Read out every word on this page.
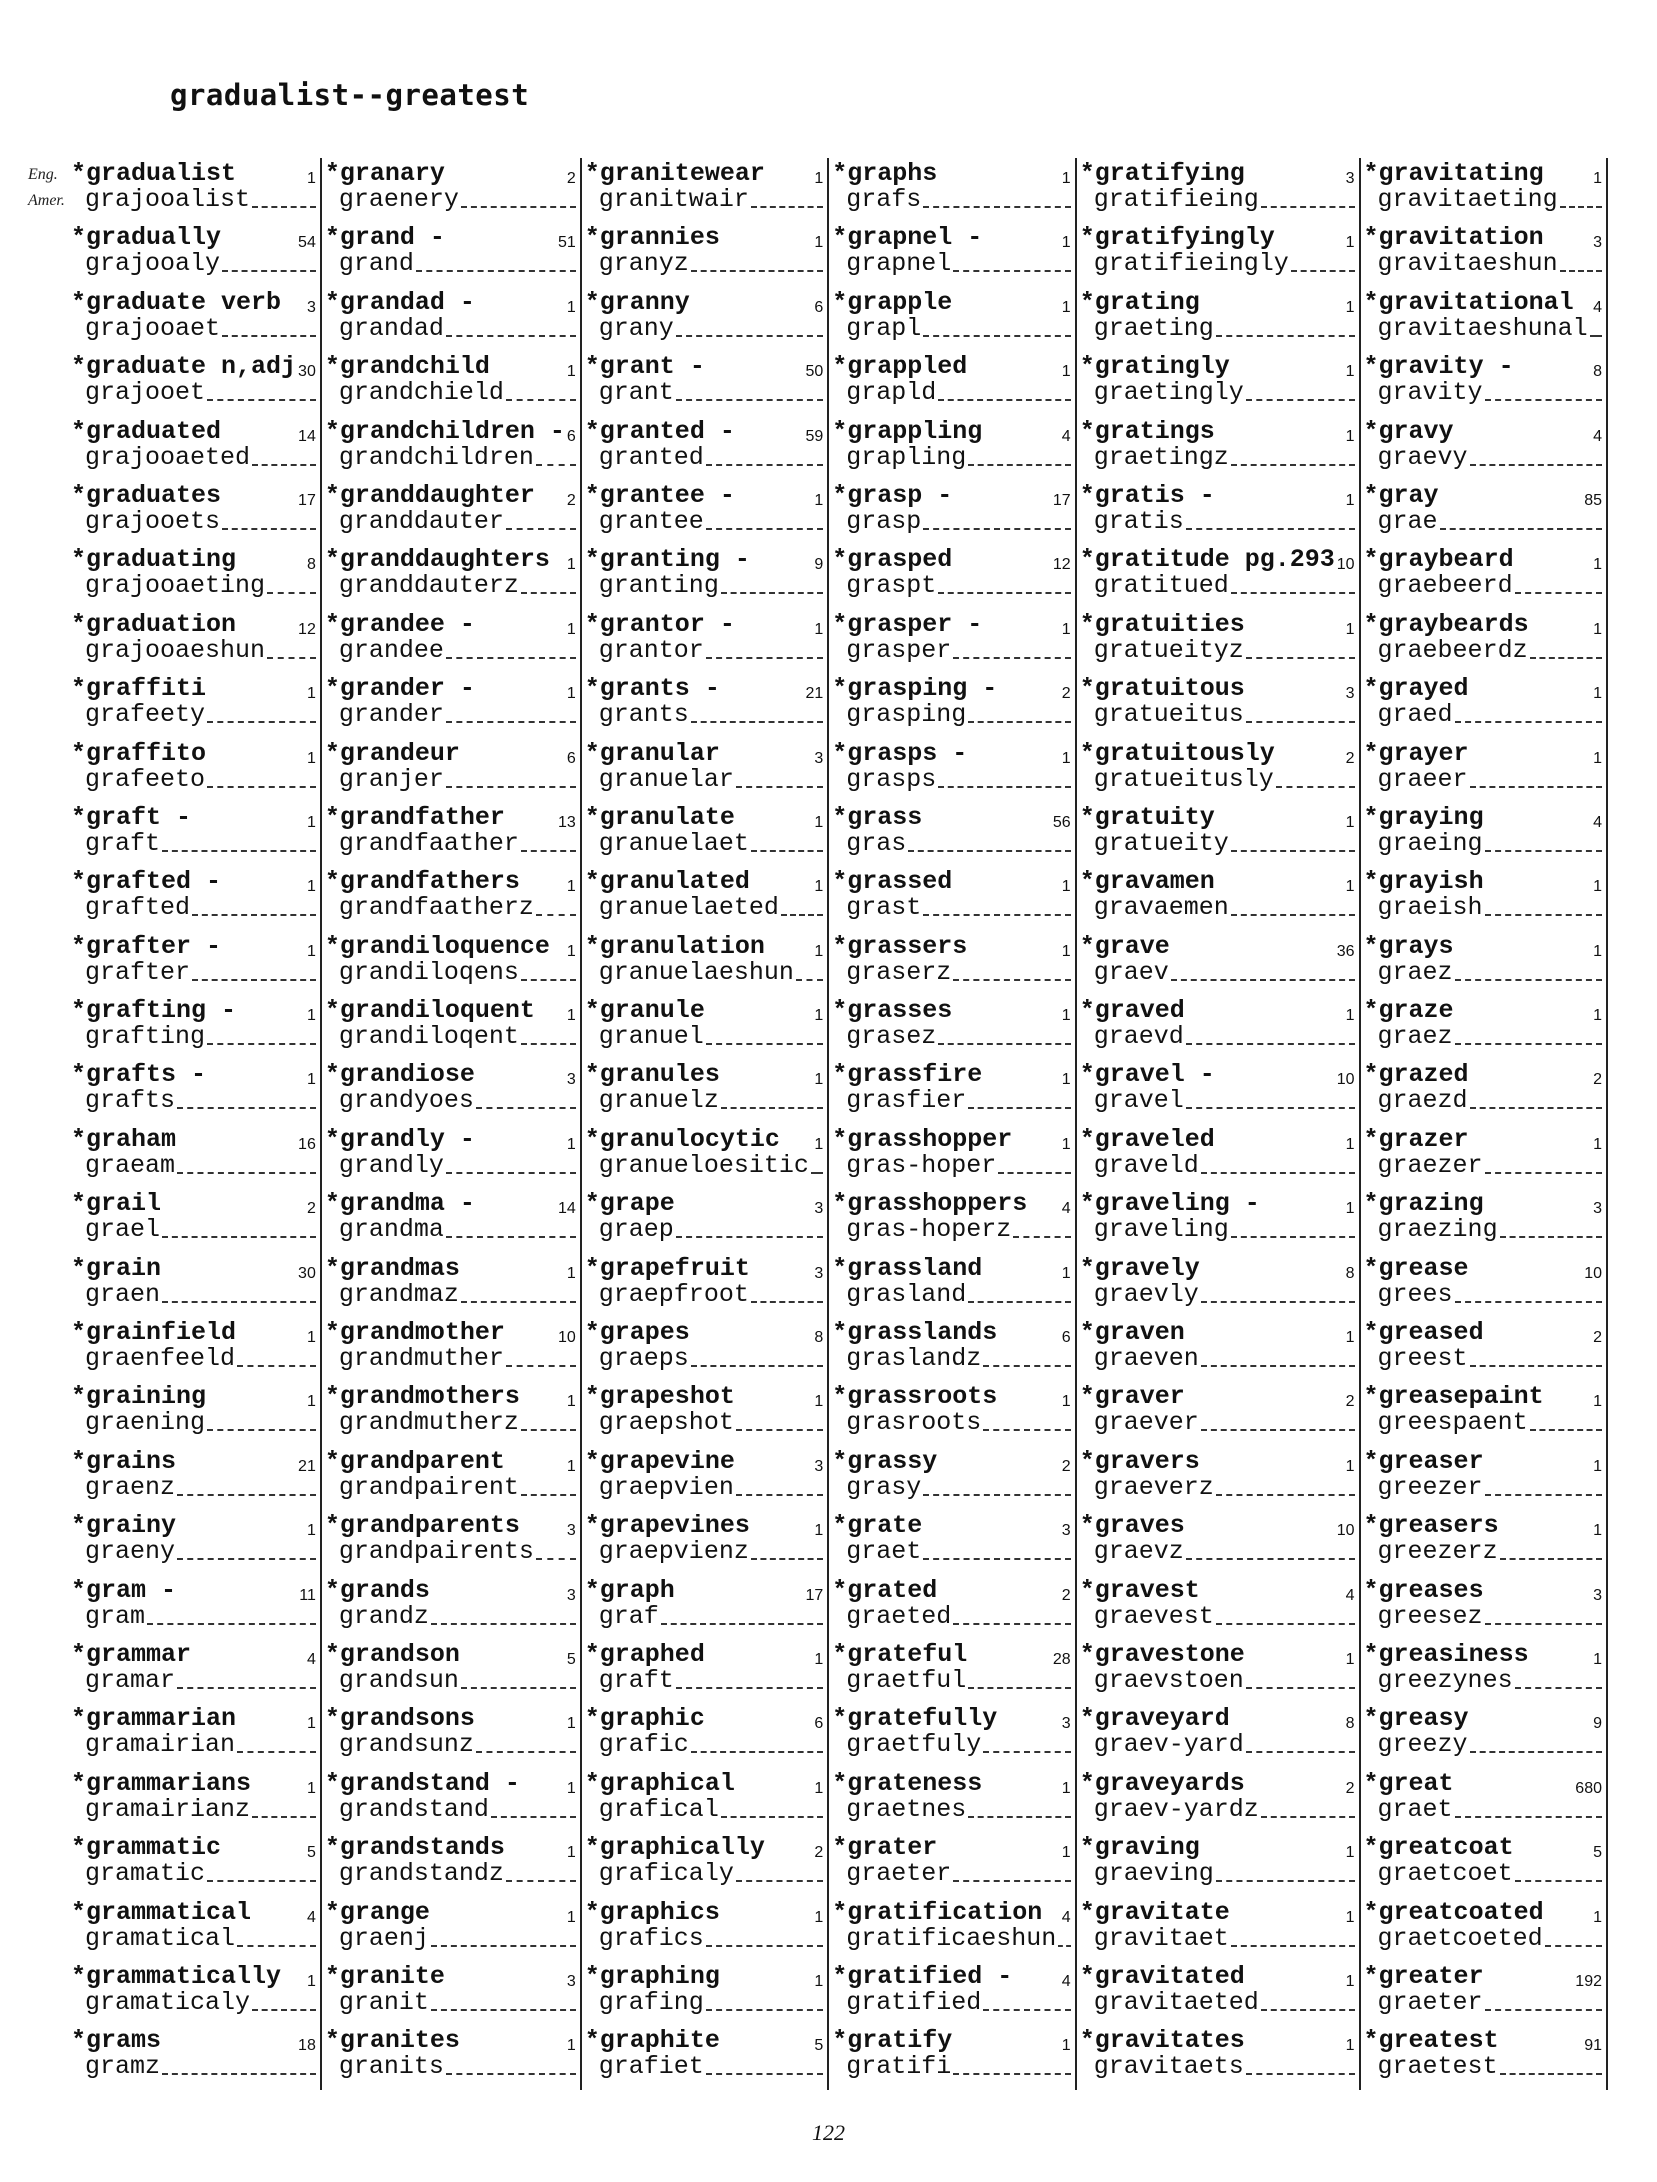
gradualist--greatest
Eng.
Amer.
*gradualist	1
grajooalist
*gradually	54
grajooaly
*graduate verb 3
grajooaet
*graduate n,adj 30
grajooet
*graduated	14
grajooaeted
*graduates	17
grajooets
*graduating	8
grajooaeting
*graduation	12
grajooaeshun
*graffiti	1
grafeety
*graffito	1
grafeeto
*graft -	1
graft
*grafted -	1
grafted
*grafter -	1
grafter
*grafting -	1
grafting
*grafts -	1
grafts
*graham	16
graeam
*grail	2
grael
*grain	30
graen
*grainfield	1
graenfeeld
*graining	1
graening
*grains	21
graenz
*grainy	1
graeny
*gram -	11
gram
*grammar	4
gramar
*grammarian	1
gramairian
*grammarians	1
gramairianz
*grammatic	5
gramatic
*grammatical	4
gramatical
*grammatically 1
gramaticaly
*grams	18
gramz
*granary	2
graenery
*grand -	51
grand
*grandad -	1
grandad
*grandchild	1
grandchield
*grandchildren - 6
grandchildren
*granddaughter 2
granddauter
*granddaughters 1
granddauterz
*grandee -	1
grandee
*grander -	1
grander
*grandeur	6
granjer
*grandfather	13
grandfaather
*grandfathers	1
grandfaatherz
*grandiloquence 1
grandiloqens
*grandiloquent 1
grandiloqent
*grandiose	3
grandyoes
*grandly -	1
grandly
*grandma -	14
grandma
*grandmas	1
grandmaz
*grandmother	10
grandmuther
*grandmothers	1
grandmutherz
*grandparent	1
grandpairent
*grandparents	3
grandpairents
*grands	3
grandz
*grandson	5
grandsun
*grandsons	1
grandsunz
*grandstand -	1
grandstand
*grandstands	1
grandstandz
*grange	1
graenj
*granite	3
granit
*granites	1
granits
*granitewear	1
granitwair
*grannies	1
granyz
*granny	6
grany
*grant -	50
grant
*granted -	59
granted
*grantee -	1
grantee
*granting -	9
granting
*grantor -	1
grantor
*grants -	21
grants
*granular	3
granuelar
*granulate	1
granuelaet
*granulated	1
granuelaeted
*granulation	1
granuelaeshun
*granule	1
granuel
*granules	1
granuelz
*granulocytic 1
granueloesitic
*grape	3
graep
*grapefruit	3
graepfroot
*grapes	8
graeps
*grapeshot	1
graepshot
*grapevine	3
graepvien
*grapevines	1
graepvienz
*graph	17
graf
*graphed	1
graft
*graphic	6
grafic
*graphical	1
grafical
*graphically	2
graficaly
*graphics	1
grafics
*graphing	1
grafing
*graphite	5
grafiet
*graphs	1
grafs
*grapnel -	1
grapnel
*grapple	1
grapl
*grappled	1
grapld
*grappling	4
grapling
*grasp -	17
grasp
*grasped	12
graspt
*grasper -	1
grasper
*grasping -	2
grasping
*grasps -	1
grasps
*grass	56
gras
*grassed	1
grast
*grassers	1
graserz
*grasses	1
grasez
*grassfire	1
grasfier
*grasshopper	1
gras-hoper
*grasshoppers 4
gras-hoperz
*grassland	1
grasland
*grasslands	6
graslandz
*grassroots	1
grasroots
*grassy	2
grasy
*grate	3
graet
*grated	2
graeted
*grateful	28
graetful
*gratefully	3
graetfuly
*grateness	1
graetnes
*grater	1
graeter
*gratification 4
gratificaeshun
*gratified -	4
gratified
*gratify	1
gratifi
*gratifying	3
gratifieing
*gratifyingly	1
gratifieingly
*grating	1
graeting
*gratingly	1
graetingly
*gratings	1
graetingz
*gratis -	1
gratis
*gratitude pg.293 10
gratitued
*gratuities	1
gratueityz
*gratuitous	3
gratueitus
*gratuitously	2
gratueitusly
*gratuity	1
gratueity
*gravamen	1
gravaemen
*grave	36
graev
*graved	1
graevd
*gravel -	10
gravel
*graveled	1
graveld
*graveling -	1
graveling
*gravely	8
graevly
*graven	1
graeven
*graver	2
graever
*gravers	1
graeverz
*graves	10
graevz
*gravest	4
graevest
*gravestone	1
graevstoen
*graveyard	8
graev-yard
*graveyards	2
graev-yardz
*graving	1
graeving
*gravitate	1
gravitaet
*gravitated	1
gravitaeted
*gravitates	1
gravitaets
*gravitating	1
gravitaeting
*gravitation	3
gravitaeshun
*gravitational 4
gravitaeshunal
*gravity -	8
gravity
*gravy	4
graevy
*gray	85
grae
*graybeard	1
graebeerd
*graybeards	1
graebeerdz
*grayed	1
graed
*grayer	1
graeer
*graying	4
graeing
*grayish	1
graeish
*grays	1
graez
*graze	1
graez
*grazed	2
graezd
*grazer	1
graezer
*grazing	3
graezing
*grease	10
grees
*greased	2
greest
*greasepaint	1
greespaent
*greaser	1
greezer
*greasers	1
greezerz
*greases	3
greesez
*greasiness	1
greezynes
*greasy	9
greezy
*great	680
graet
*greatcoat	5
graetcoet
*greatcoated	1
graetcoeted
*greater	192
graeter
*greatest	91
graetest
122
